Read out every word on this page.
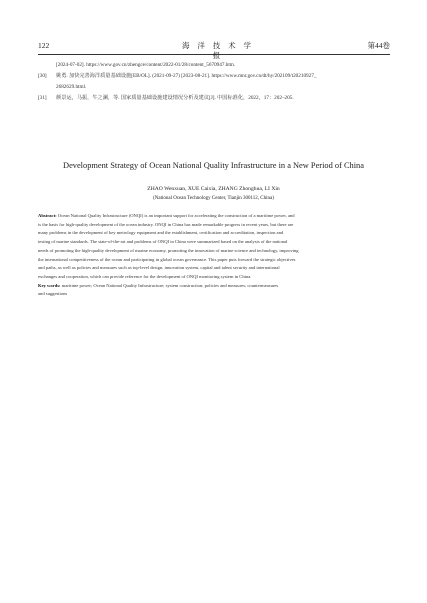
122	海 洋 技 术 学 报
第44卷
[2024-07-02]. https://www.gov.cn/zhengce/content/2022-01/28/content_5670947.htm.
[30] 姚勇. 加快完善海洋质量基础设施[EB/OL]. (2021-09-27) [2023-08-21]. https://www.mnr.gov.cn/dt/hy/202109/t20210927_
2682629.html.
[31] 颜景运，马振，牛之澜，等. 国家质量基础设施建设情况分析及建议[J]. 中国标准化，2022，17：202–205.
Development Strategy of Ocean National Quality Infrastructure in a New Period of China
ZHAO Wenxuan, XUE Caixia, ZHANG Zhonghua, LI Xin
(National Ocean Technology Center, Tianjin 300112, China)
Abstract: Ocean National Quality Infrastructure (ONQI) is an important support for accelerating the construction of a maritime power, and
is the basis for high-quality development of the ocean industry. ONQI in China has made remarkable progress in recent years, but there are
many problems in the development of key metrology equipment and the establishment, certification and accreditation, inspection and
testing of marine standards. The state-of-the-art and problems of ONQI in China were summarized based on the analysis of the national
needs of promoting the high-quality development of marine economy, promoting the innovation of marine science and technology, improving
the international competitiveness of the ocean and participating in global ocean governance. This paper puts forward the strategic objectives
and paths, as well as policies and measures such as top-level design, innovation system, capital and talent security and international
exchanges and cooperation, which can provide reference for the development of ONQI monitoring system in China.
Key words: maritime power; Ocean National Quality Infrastructure; system construction; policies and measures; countermeasures
and suggestions
